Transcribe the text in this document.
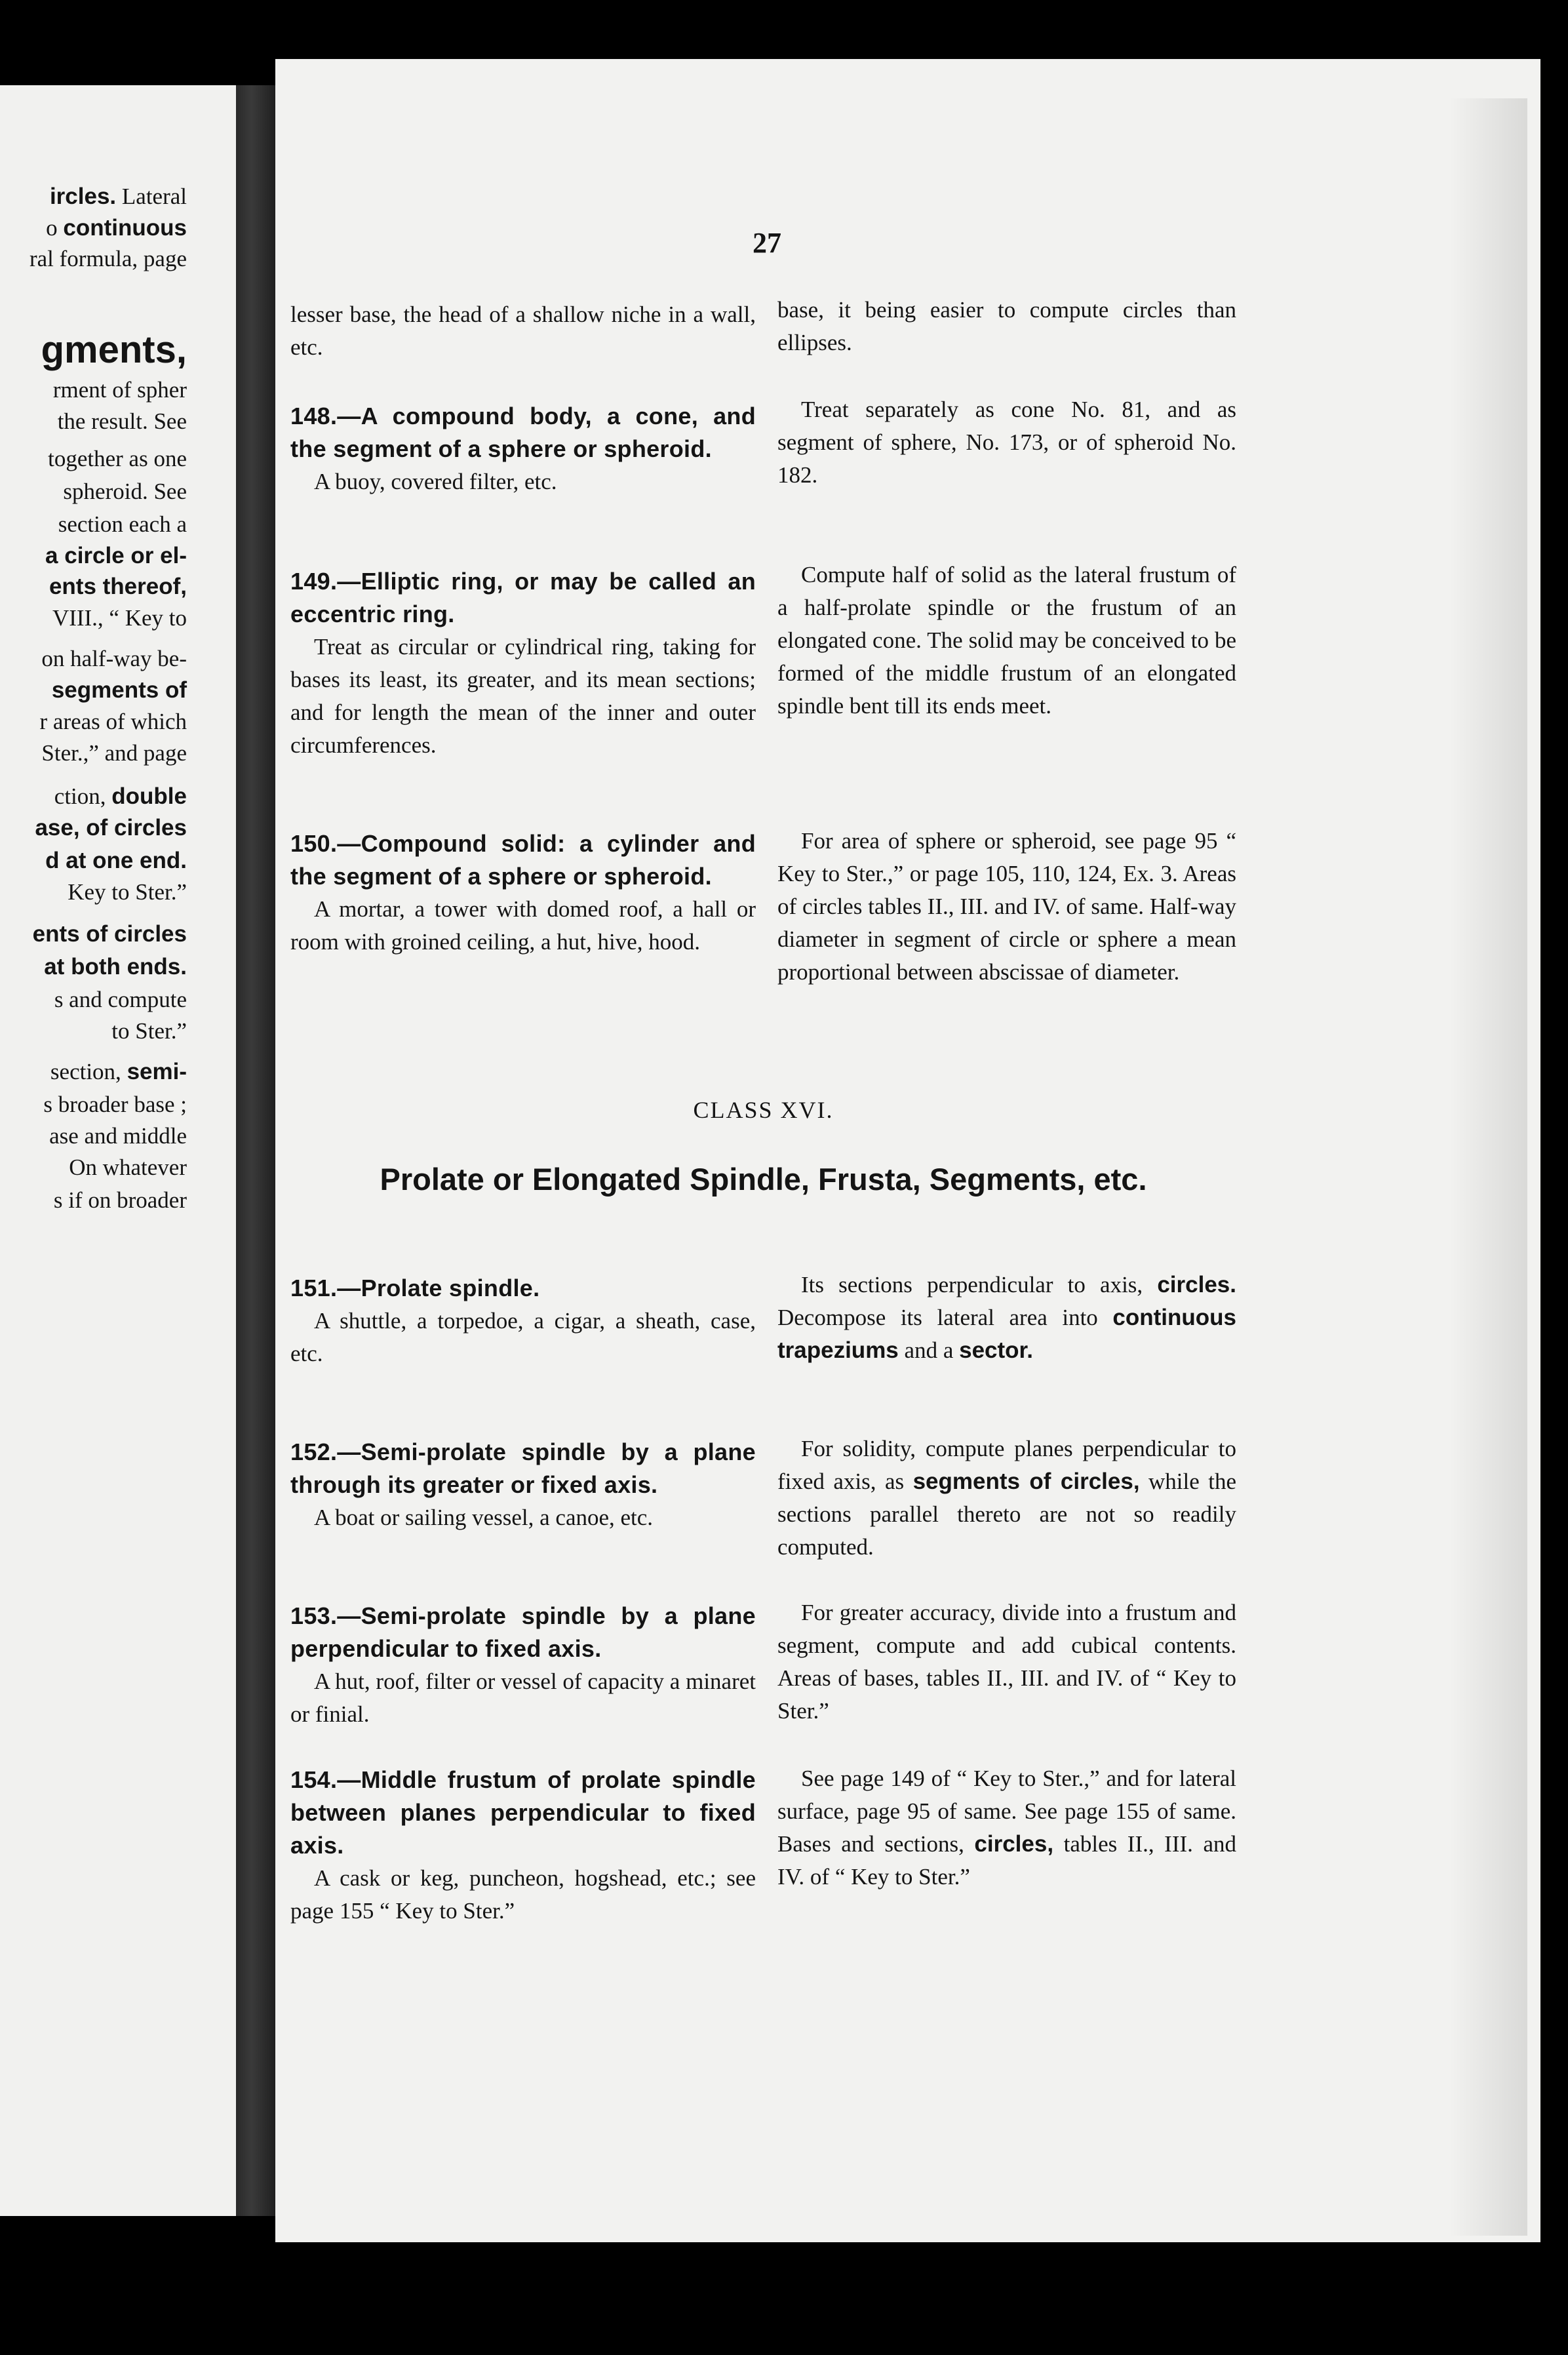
ircles. Lateral
o continuous
ral formula, page
gments,
rment of spher
the result. See
together as one
spheroid. See
section each a
a circle or el-
ents thereof,
VIII., “ Key to
on half-way be-
segments of
r areas of which
Ster.,” and page
ction, double
ase, of circles
d at one end.
Key to Ster.”
ents of circles
at both ends.
s and compute
to Ster.”
section, semi-
s broader base ;
ase and middle
On whatever
s if on broader
27
lesser base, the head of a shallow niche in a wall, etc.
base, it being easier to compute circles than ellipses.
148.—A compound body, a cone, and the segment of a sphere or spheroid.
A buoy, covered filter, etc.
Treat separately as cone No. 81, and as segment of sphere, No. 173, or of spheroid No. 182.
149.—Elliptic ring, or may be called an eccentric ring.
Treat as circular or cylindrical ring, taking for bases its least, its greater, and its mean sections; and for length the mean of the inner and outer circumferences.
Compute half of solid as the lateral frustum of a half-prolate spindle or the frustum of an elongated cone. The solid may be conceived to be formed of the middle frustum of an elongated spindle bent till its ends meet.
150.—Compound solid: a cylinder and the segment of a sphere or spheroid.
A mortar, a tower with domed roof, a hall or room with groined ceiling, a hut, hive, hood.
For area of sphere or spheroid, see page 95 “ Key to Ster.,” or page 105, 110, 124, Ex. 3. Areas of circles tables II., III. and IV. of same. Half-way diameter in segment of circle or sphere a mean proportional between abscissae of diameter.
CLASS XVI.
Prolate or Elongated Spindle, Frusta, Segments, etc.
151.—Prolate spindle.
A shuttle, a torpedoe, a cigar, a sheath, case, etc.
Its sections perpendicular to axis, circles. Decompose its lateral area into continuous trapeziums and a sector.
152.—Semi-prolate spindle by a plane through its greater or fixed axis.
A boat or sailing vessel, a canoe, etc.
For solidity, compute planes perpendicular to fixed axis, as segments of circles, while the sections parallel thereto are not so readily computed.
153.—Semi-prolate spindle by a plane perpendicular to fixed axis.
A hut, roof, filter or vessel of capacity a minaret or finial.
For greater accuracy, divide into a frustum and segment, compute and add cubical contents. Areas of bases, tables II., III. and IV. of “ Key to Ster.”
154.—Middle frustum of prolate spindle between planes perpendicular to fixed axis.
A cask or keg, puncheon, hogshead, etc.; see page 155 “ Key to Ster.”
See page 149 of “ Key to Ster.,” and for lateral surface, page 95 of same. See page 155 of same. Bases and sections, circles, tables II., III. and IV. of “ Key to Ster.”
